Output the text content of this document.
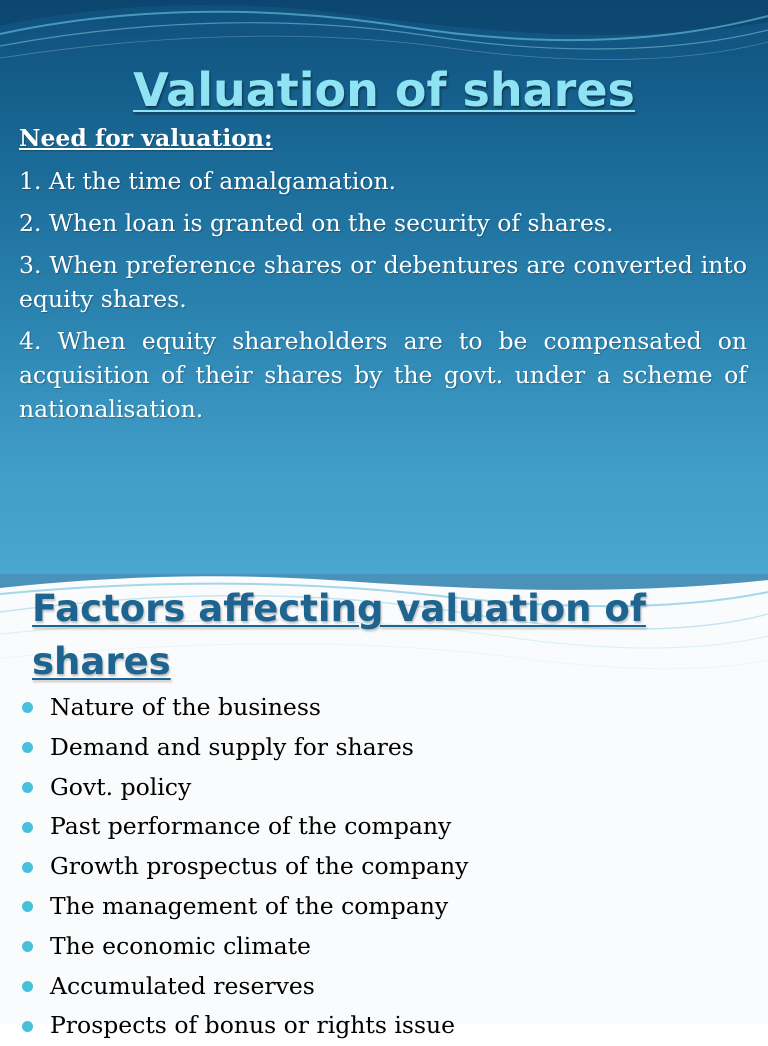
Valuation of shares
Need for valuation:

1. At the time of amalgamation.

2. When loan is granted on the security of shares.

3. When preference shares or debentures are converted into equity shares.

4. When equity shareholders are to be compensated on acquisition of their shares by the govt. under a scheme of nationalisation.

Factors affecting valuation of shares
Nature of the business
Demand and supply for shares
Govt. policy
Past performance of the company
Growth prospectus of the company
The management of the company
The economic climate
Accumulated reserves
Prospects of bonus or rights issue
